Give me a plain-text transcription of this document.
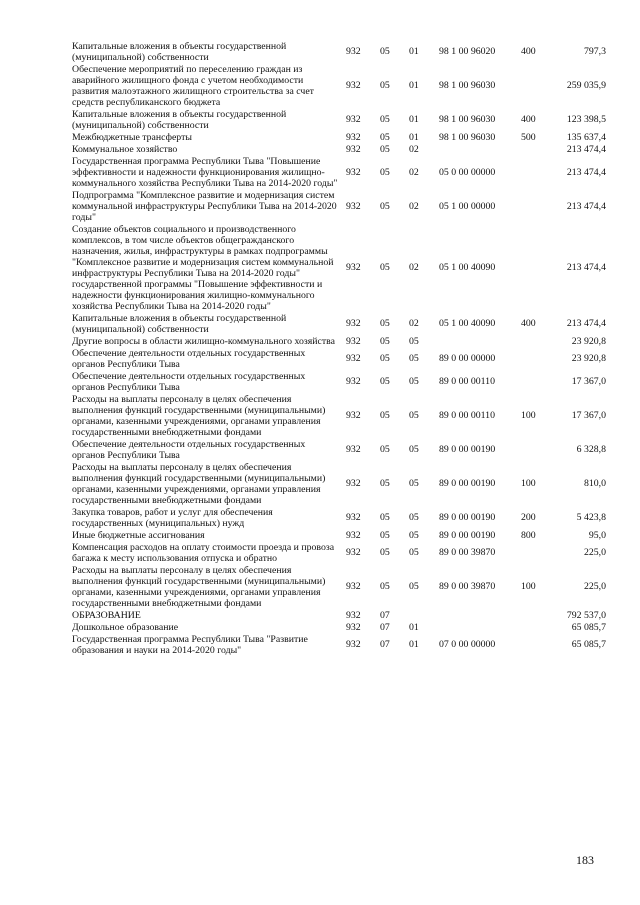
Капитальные вложения в объекты государственной (муниципальной) собственности	932	05	01	98 1 00 96020	400	797,3
Обеспечение мероприятий по переселению граждан из аварийного жилищного фонда с учетом необходимости развития малоэтажного жилищного строительства за счет средств республиканского бюджета	932	05	01	98 1 00 96030		259 035,9
Капитальные вложения в объекты государственной (муниципальной) собственности	932	05	01	98 1 00 96030	400	123 398,5
Межбюджетные трансферты	932	05	01	98 1 00 96030	500	135 637,4
Коммунальное хозяйство	932	05	02			213 474,4
Государственная программа Республики Тыва "Повышение эффективности и надежности функционирования жилищно-коммунального хозяйства Республики Тыва на 2014-2020 годы"	932	05	02	05 0 00 00000		213 474,4
Подпрограмма "Комплексное развитие и модернизация систем коммунальной инфраструктуры Республики Тыва на 2014-2020 годы"	932	05	02	05 1 00 00000		213 474,4
Создание объектов социального и производственного комплексов, в том числе объектов общегражданского назначения, жилья, инфраструктуры в рамках подпрограммы "Комплексное развитие и модернизация систем коммунальной инфраструктуры Республики Тыва на 2014-2020 годы" государственной программы "Повышение эффективности и надежности функционирования жилищно-коммунального хозяйства Республики Тыва на 2014-2020 годы"	932	05	02	05 1 00 40090		213 474,4
Капитальные вложения в объекты государственной (муниципальной) собственности	932	05	02	05 1 00 40090	400	213 474,4
Другие вопросы в области жилищно-коммунального хозяйства	932	05	05			23 920,8
Обеспечение деятельности отдельных государственных органов Республики Тыва	932	05	05	89 0 00 00000		23 920,8
Обеспечение деятельности отдельных государственных органов Республики Тыва	932	05	05	89 0 00 00110		17 367,0
Расходы на выплаты персоналу в целях обеспечения выполнения функций государственными (муниципальными) органами, казенными учреждениями, органами управления государственными внебюджетными фондами	932	05	05	89 0 00 00110	100	17 367,0
Обеспечение деятельности отдельных государственных органов Республики Тыва	932	05	05	89 0 00 00190		6 328,8
Расходы на выплаты персоналу в целях обеспечения выполнения функций государственными (муниципальными) органами, казенными учреждениями, органами управления государственными внебюджетными фондами	932	05	05	89 0 00 00190	100	810,0
Закупка товаров, работ и услуг для обеспечения государственных (муниципальных) нужд	932	05	05	89 0 00 00190	200	5 423,8
Иные бюджетные ассигнования	932	05	05	89 0 00 00190	800	95,0
Компенсация расходов на оплату стоимости проезда и провоза багажа к месту использования отпуска и обратно	932	05	05	89 0 00 39870		225,0
Расходы на выплаты персоналу в целях обеспечения выполнения функций государственными (муниципальными) органами, казенными учреждениями, органами управления государственными внебюджетными фондами	932	05	05	89 0 00 39870	100	225,0
ОБРАЗОВАНИЕ	932	07				792 537,0
Дошкольное образование	932	07	01			65 085,7
Государственная программа Республики Тыва "Развитие образования и науки на 2014-2020 годы"	932	07	01	07 0 00 00000		65 085,7
183
